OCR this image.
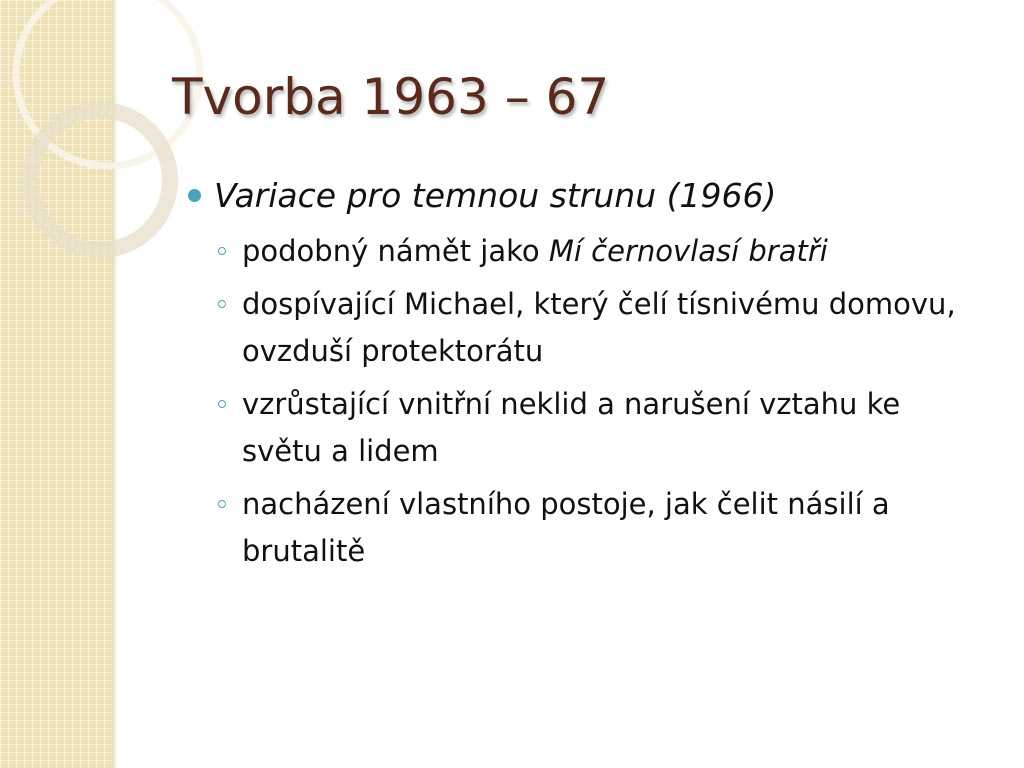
Tvorba 1963 – 67
Variace pro temnou strunu (1966)
podobný námět jako Mí černovlasí bratři
dospívající Michael, který čelí tísnivému domovu, ovzduší protektorátu
vzrůstající vnitřní neklid a narušení vztahu ke světu a lidem
nacházení vlastního postoje, jak čelit násilí a brutalitě
